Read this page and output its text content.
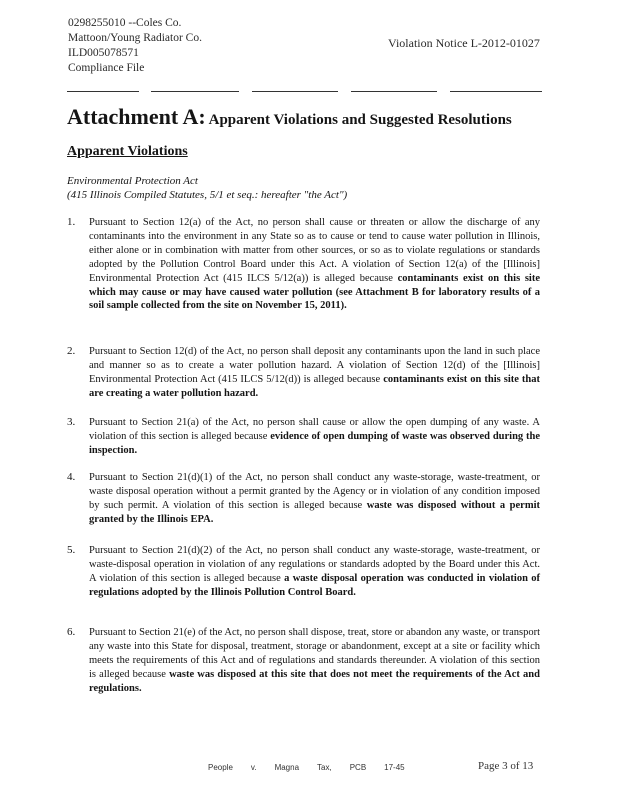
0298255010 --Coles Co.
Mattoon/Young Radiator Co.
ILD005078571
Compliance File
Violation Notice L-2012-01027
Attachment A: Apparent Violations and Suggested Resolutions
Apparent Violations
Environmental Protection Act
(415 Illinois Compiled Statutes, 5/1 et seq.: hereafter "the Act")
1. Pursuant to Section 12(a) of the Act, no person shall cause or threaten or allow the discharge of any contaminants into the environment in any State so as to cause or tend to cause water pollution in Illinois, either alone or in combination with matter from other sources, or so as to violate regulations or standards adopted by the Pollution Control Board under this Act. A violation of Section 12(a) of the [Illinois] Environmental Protection Act (415 ILCS 5/12(a)) is alleged because contaminants exist on this site which may cause or may have caused water pollution (see Attachment B for laboratory results of a soil sample collected from the site on November 15, 2011).
2. Pursuant to Section 12(d) of the Act, no person shall deposit any contaminants upon the land in such place and manner so as to create a water pollution hazard. A violation of Section 12(d) of the [Illinois] Environmental Protection Act (415 ILCS 5/12(d)) is alleged because contaminants exist on this site that are creating a water pollution hazard.
3. Pursuant to Section 21(a) of the Act, no person shall cause or allow the open dumping of any waste. A violation of this section is alleged because evidence of open dumping of waste was observed during the inspection.
4. Pursuant to Section 21(d)(1) of the Act, no person shall conduct any waste-storage, waste-treatment, or waste disposal operation without a permit granted by the Agency or in violation of any condition imposed by such permit. A violation of this section is alleged because waste was disposed without a permit granted by the Illinois EPA.
5. Pursuant to Section 21(d)(2) of the Act, no person shall conduct any waste-storage, waste-treatment, or waste-disposal operation in violation of any regulations or standards adopted by the Board under this Act. A violation of this section is alleged because a waste disposal operation was conducted in violation of regulations adopted by the Illinois Pollution Control Board.
6. Pursuant to Section 21(e) of the Act, no person shall dispose, treat, store or abandon any waste, or transport any waste into this State for disposal, treatment, storage or abandonment, except at a site or facility which meets the requirements of this Act and of regulations and standards thereunder. A violation of this section is alleged because waste was disposed at this site that does not meet the requirements of the Act and regulations.
People v. Magna Tax, PCB 17-45	Page 3 of 13
